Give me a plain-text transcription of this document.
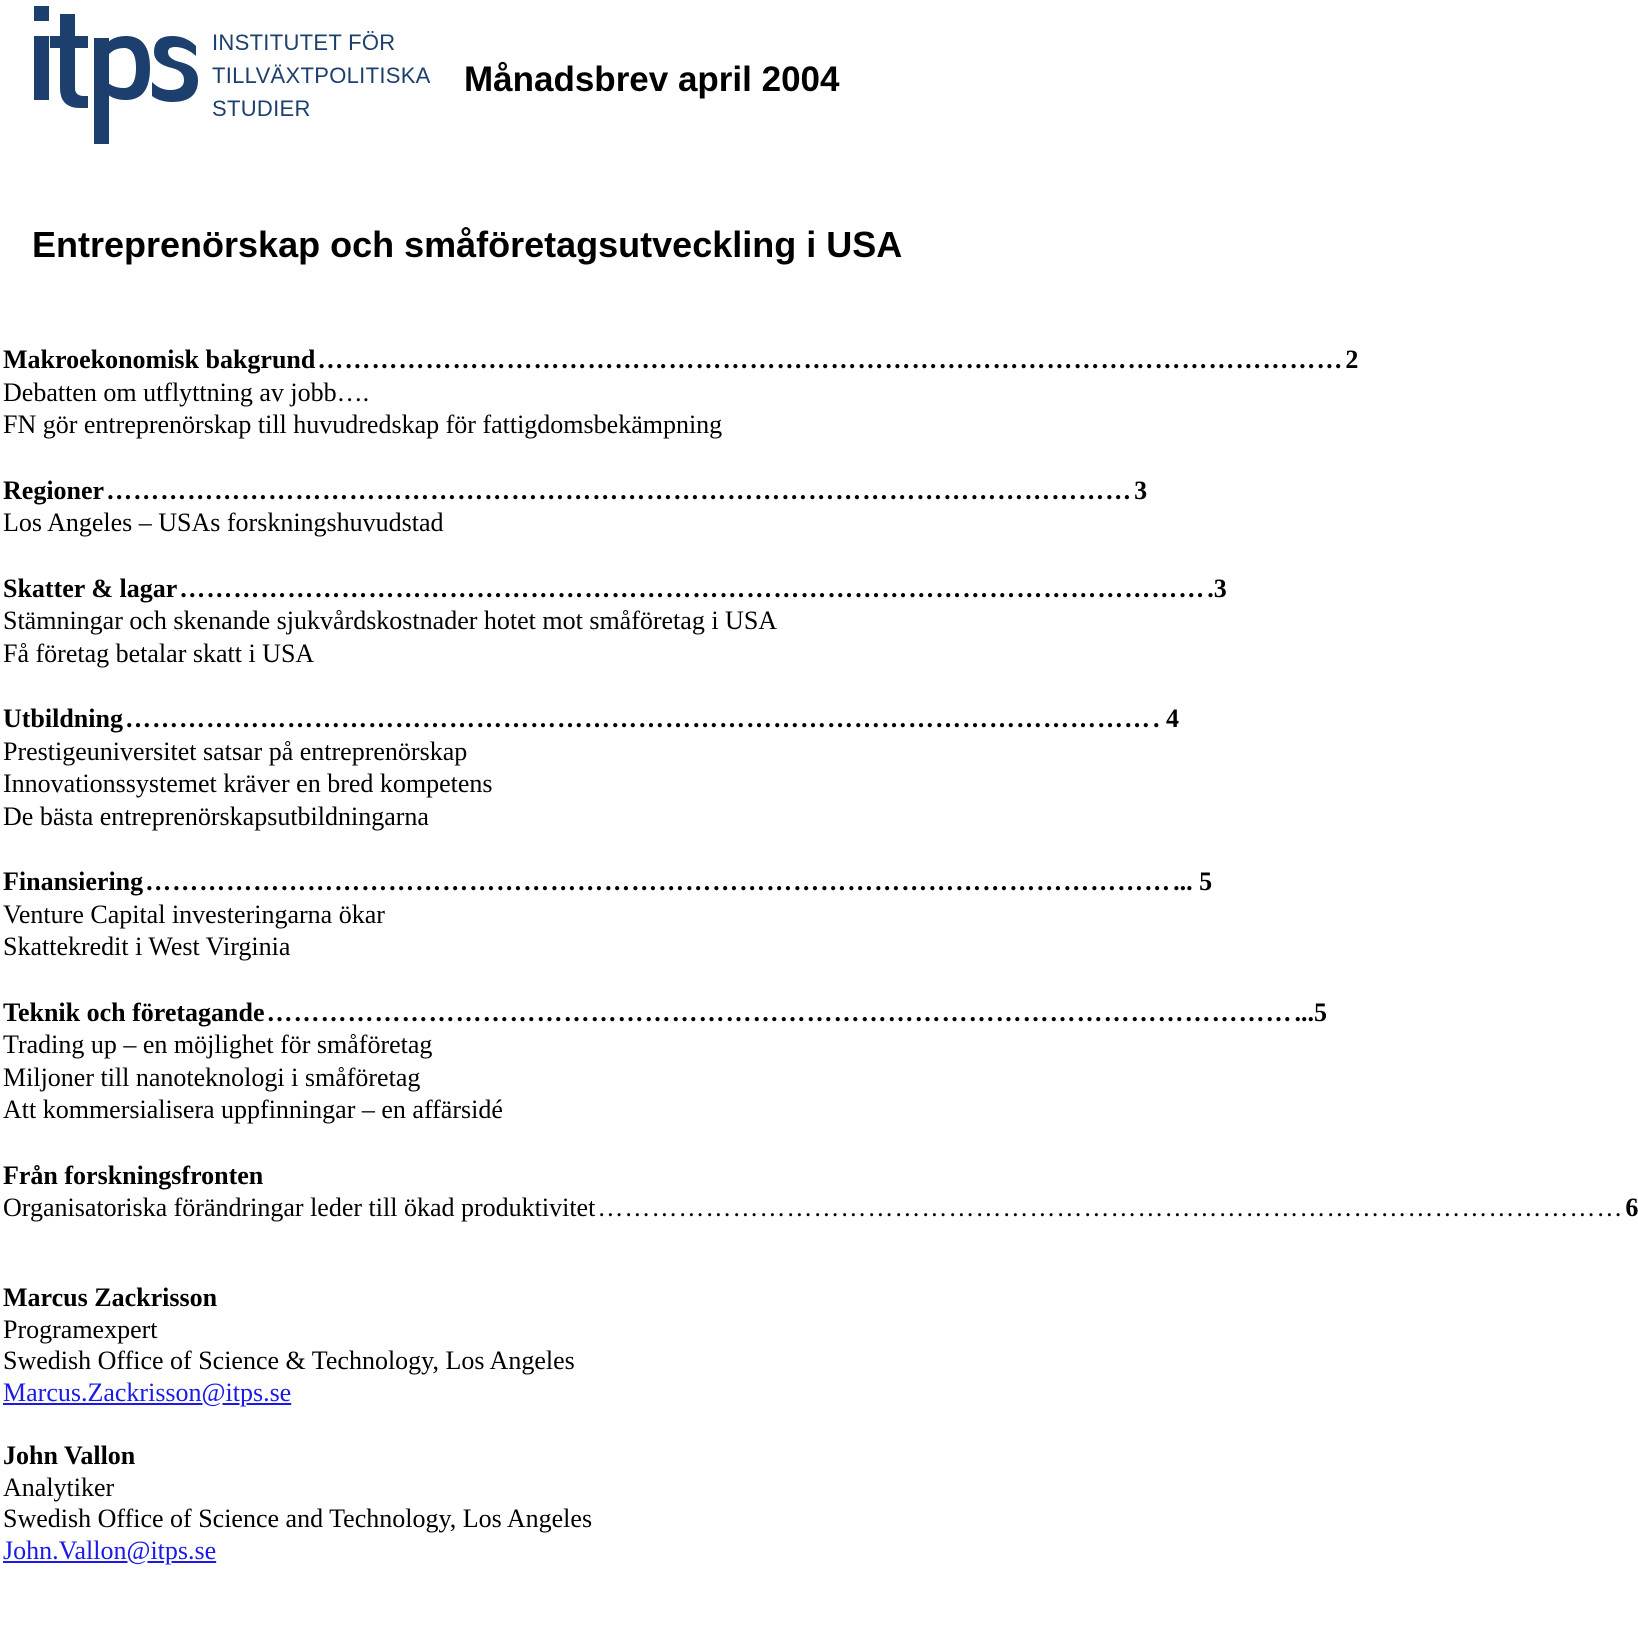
INSTITUTET FÖR
TILLVÄXTPOLITISKA
STUDIER
Månadsbrev april 2004
Entreprenörskap och småföretagsutveckling i USA
Makroekonomisk bakgrund …………………………………………………………………………………………………… 2
Debatten om utflyttning av jobb….
FN gör entreprenörskap till huvudredskap för fattigdomsbekämpning
Regioner …………………………………………………………………………………………………… 3
Los Angeles – USAs forskningshuvudstad
Skatter & lagar …………………………………………………………………………………………………… .3
Stämningar och skenande sjukvårdskostnader hotet mot småföretag i USA
Få företag betalar skatt i USA
Utbildning …………………………………………………………………………………………………… . 4
Prestigeuniversitet satsar på entreprenörskap
Innovationssystemet kräver en bred kompetens
De bästa entreprenörskapsutbildningarna
Finansiering …………………………………………………………………………………………………… ... 5
Venture Capital investeringarna ökar
Skattekredit i West Virginia
Teknik och företagande …………………………………………………………………………………………………… ...5
Trading up – en möjlighet för småföretag
Miljoner till nanoteknologi i småföretag
Att kommersialisera uppfinningar – en affärsidé
Från forskningsfronten
Organisatoriska förändringar leder till ökad produktivitet …………………………………………………………………………………………………… 6
Marcus Zackrisson
Programexpert
Swedish Office of Science & Technology, Los Angeles
Marcus.Zackrisson@itps.se
John Vallon
Analytiker
Swedish Office of Science and Technology, Los Angeles
John.Vallon@itps.se
